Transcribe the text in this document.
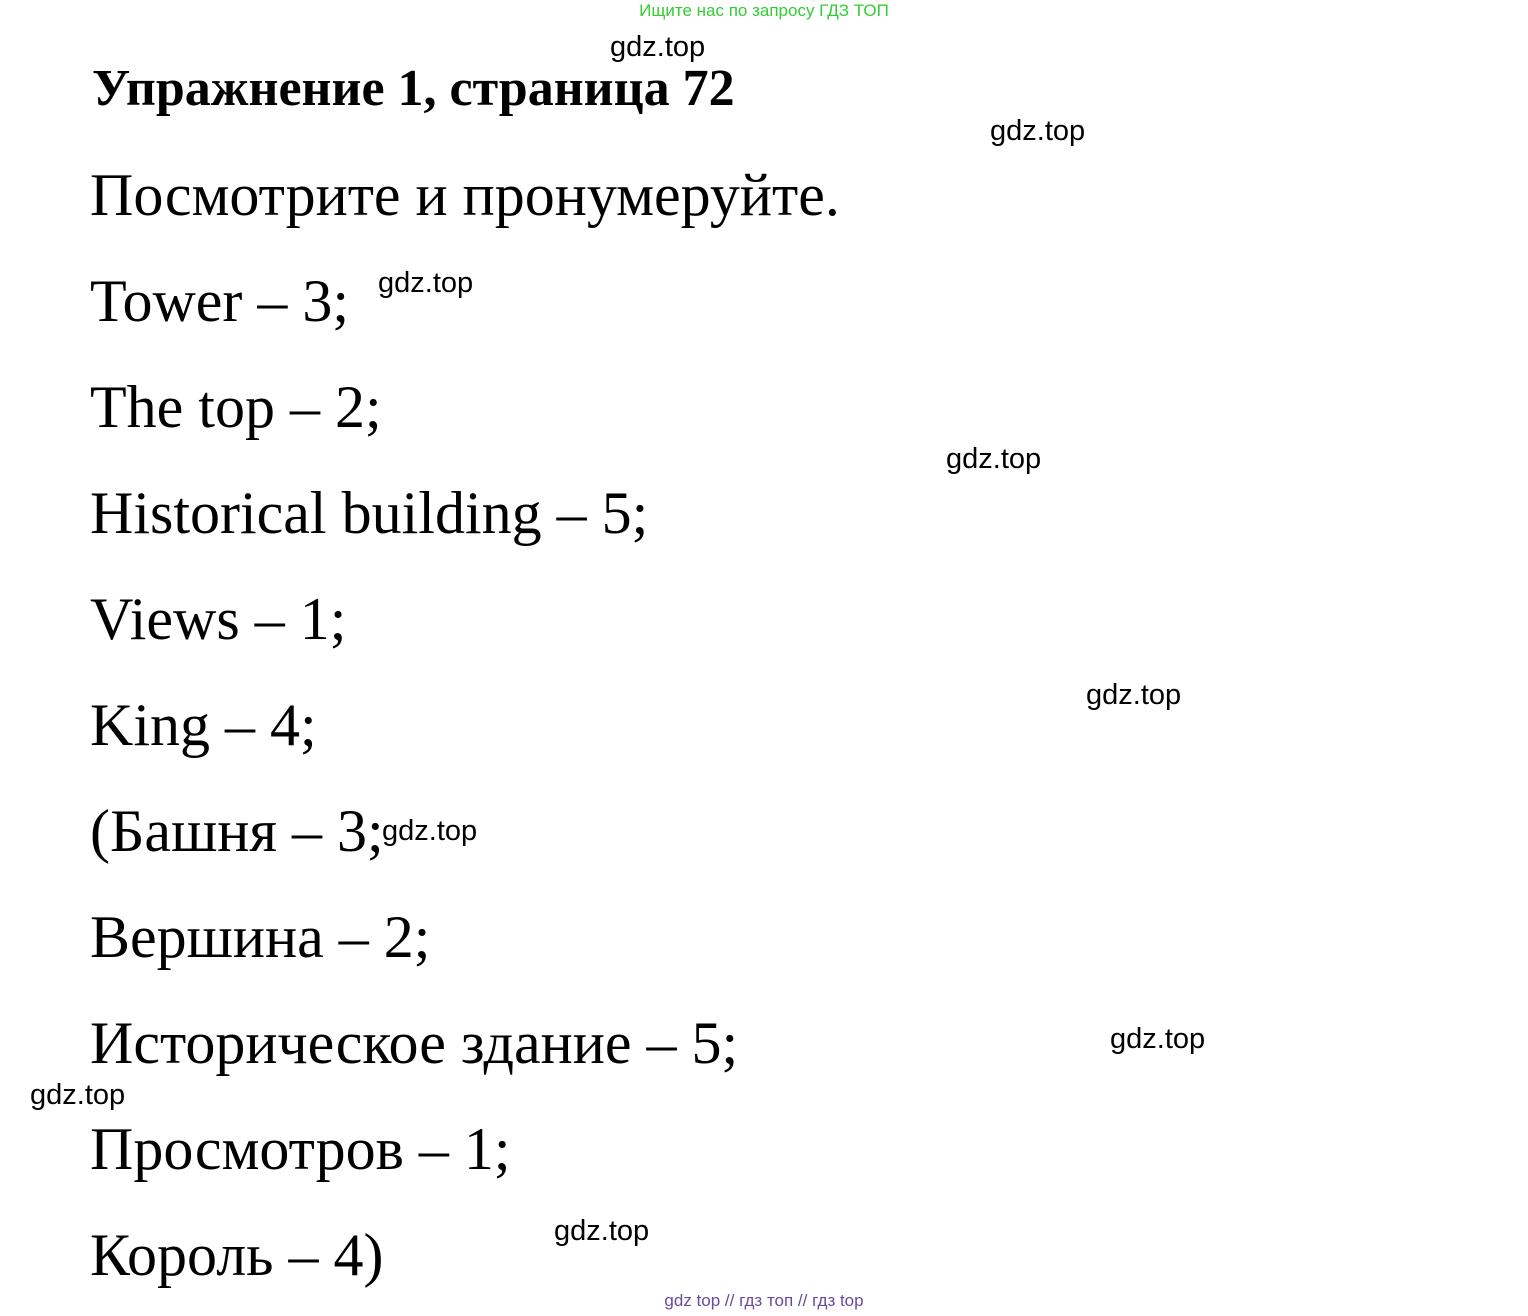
Ищите нас по запросу ГДЗ ТОП
Упражнение 1, страница 72
Посмотрите и пронумеруйте.
Tower – 3;
The top – 2;
Historical building – 5;
Views – 1;
King – 4;
(Башня – 3;
Вершина – 2;
Историческое здание – 5;
Просмотров – 1;
Король – 4)
gdz.top
gdz.top
gdz.top
gdz.top
gdz.top
gdz.top
gdz.top
gdz.top
gdz.top
gdz top // гдз топ // гдз top
